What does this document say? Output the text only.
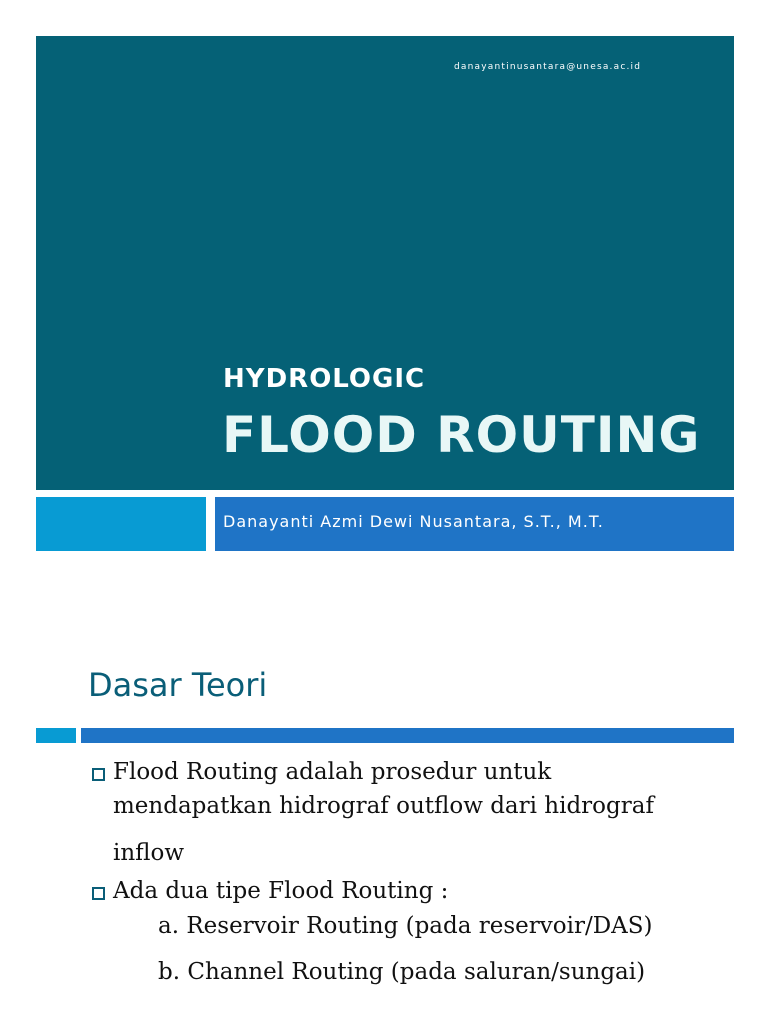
danayantinusantara@unesa.ac.id
HYDROLOGIC
FLOOD ROUTING
Danayanti Azmi Dewi Nusantara, S.T., M.T.
Dasar Teori
Flood Routing adalah prosedur untuk
mendapatkan hidrograf outflow dari hidrograf
inflow
Ada dua tipe Flood Routing :
a. Reservoir Routing (pada reservoir/DAS)
b. Channel Routing (pada saluran/sungai)
